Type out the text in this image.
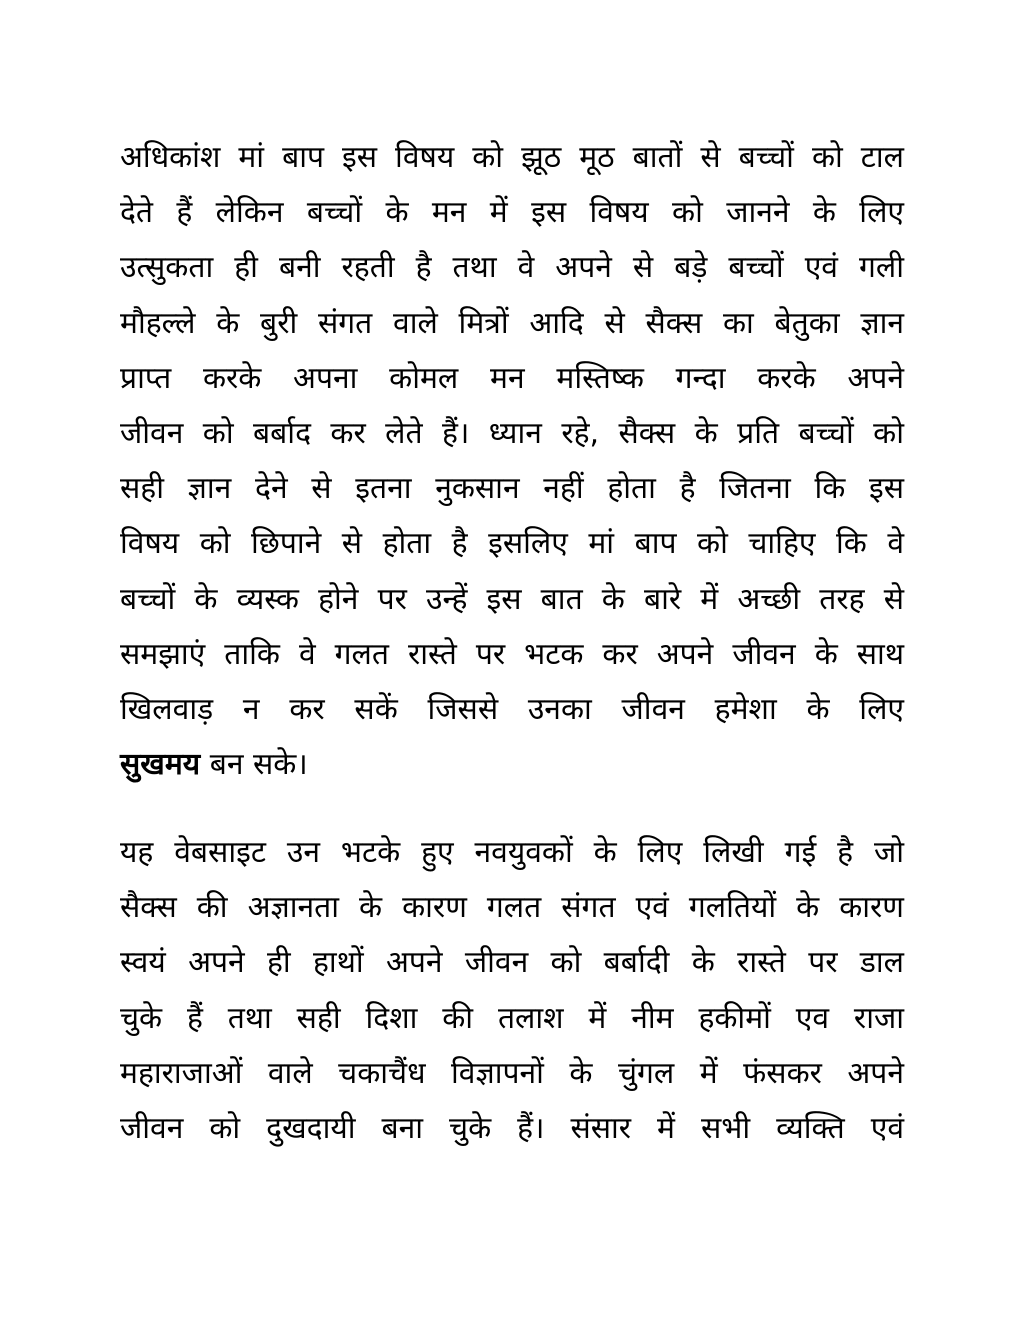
अधिकांश मां बाप इस विषय को झूठ मूठ बातों से बच्चों को टाल
देते हैं लेकिन बच्चों के मन में इस विषय को जानने के लिए
उत्सुकता ही बनी रहती है तथा वे अपने से बड़े बच्चों एवं गली
मौहल्ले के बुरी संगत वाले मित्रों आदि से सैक्स का बेतुका ज्ञान
प्राप्त करके अपना कोमल मन मस्तिष्क गन्दा करके अपने
जीवन को बर्बाद कर लेते हैं। ध्यान रहे, सैक्स के प्रति बच्चों को
सही ज्ञान देने से इतना नुकसान नहीं होता है जितना कि इस
विषय को छिपाने से होता है इसलिए मां बाप को चाहिए कि वे
बच्चों के व्यस्क होने पर उन्हें इस बात के बारे में अच्छी तरह से
समझाएं ताकि वे गलत रास्ते पर भटक कर अपने जीवन के साथ
खिलवाड़ न कर सकें जिससे उनका जीवन हमेशा के लिए
सुखमय बन सके।
यह वेबसाइट उन भटके हुए नवयुवकों के लिए लिखी गई है जो
सैक्स की अज्ञानता के कारण गलत संगत एवं गलतियों के कारण
स्वयं अपने ही हाथों अपने जीवन को बर्बादी के रास्ते पर डाल
चुके हैं तथा सही दिशा की तलाश में नीम हकीमों एव राजा
महाराजाओं वाले चकाचैंध विज्ञापनों के चुंगल में फंसकर अपने
जीवन को दुखदायी बना चुके हैं। संसार में सभी व्यक्ति एवं
